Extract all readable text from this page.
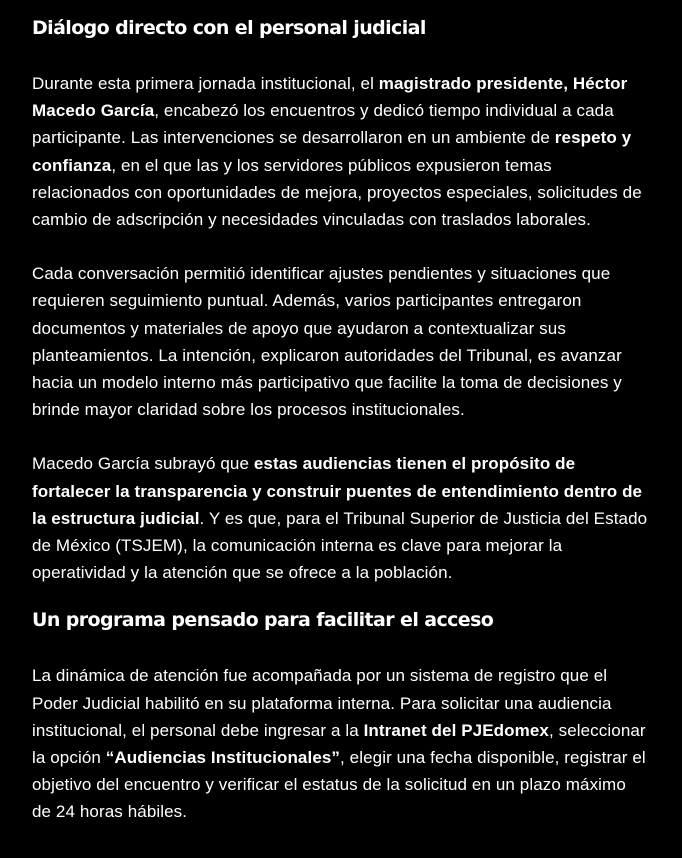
Diálogo directo con el personal judicial

Durante esta primera jornada institucional, el magistrado presidente, Héctor Macedo García, encabezó los encuentros y dedicó tiempo individual a cada participante. Las intervenciones se desarrollaron en un ambiente de respeto y confianza, en el que las y los servidores públicos expusieron temas relacionados con oportunidades de mejora, proyectos especiales, solicitudes de cambio de adscripción y necesidades vinculadas con traslados laborales.

Cada conversación permitió identificar ajustes pendientes y situaciones que requieren seguimiento puntual. Además, varios participantes entregaron documentos y materiales de apoyo que ayudaron a contextualizar sus planteamientos. La intención, explicaron autoridades del Tribunal, es avanzar hacia un modelo interno más participativo que facilite la toma de decisiones y brinde mayor claridad sobre los procesos institucionales.

Macedo García subrayó que estas audiencias tienen el propósito de fortalecer la transparencia y construir puentes de entendimiento dentro de la estructura judicial. Y es que, para el Tribunal Superior de Justicia del Estado de México (TSJEM), la comunicación interna es clave para mejorar la operatividad y la atención que se ofrece a la población.

Un programa pensado para facilitar el acceso

La dinámica de atención fue acompañada por un sistema de registro que el Poder Judicial habilitó en su plataforma interna. Para solicitar una audiencia institucional, el personal debe ingresar a la Intranet del PJEdomex, seleccionar la opción “Audiencias Institucionales”, elegir una fecha disponible, registrar el objetivo del encuentro y verificar el estatus de la solicitud en un plazo máximo de 24 horas hábiles.
